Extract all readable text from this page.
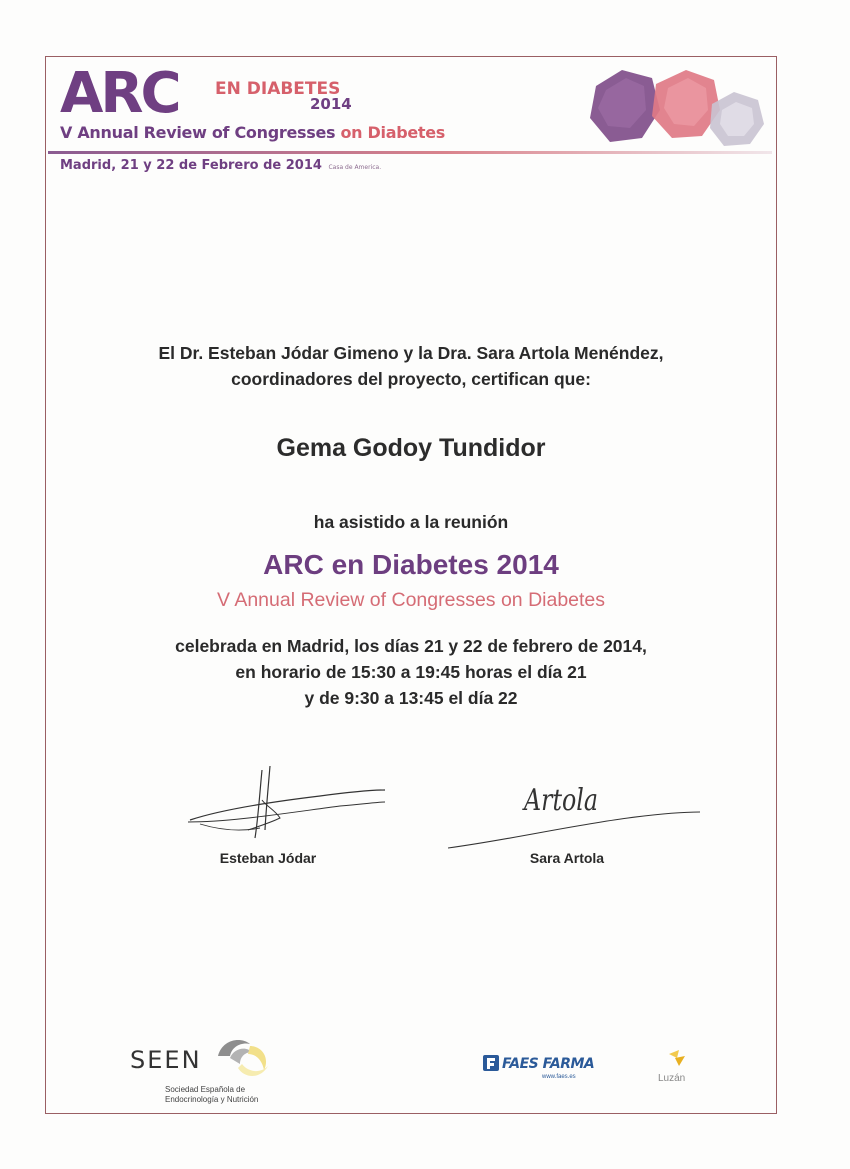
ARC EN DIABETES
2014
V Annual Review of Congresses on Diabetes
Madrid, 21 y 22 de Febrero de 2014 Casa de America.
El Dr. Esteban Jódar Gimeno y la Dra. Sara Artola Menéndez,
coordinadores del proyecto, certifican que:
Gema Godoy Tundidor
ha asistido a la reunión
ARC en Diabetes 2014
V Annual Review of Congresses on Diabetes
celebrada en Madrid, los días 21 y 22 de febrero de 2014,
en horario de 15:30 a 19:45 horas el día 21
y de 9:30 a 13:45 el día 22
Artola
Esteban Jódar	Sara Artola
SEEN
Sociedad Española de
Endocrinología y Nutrición
FAES FARMA
www.faes.es	Luzán
